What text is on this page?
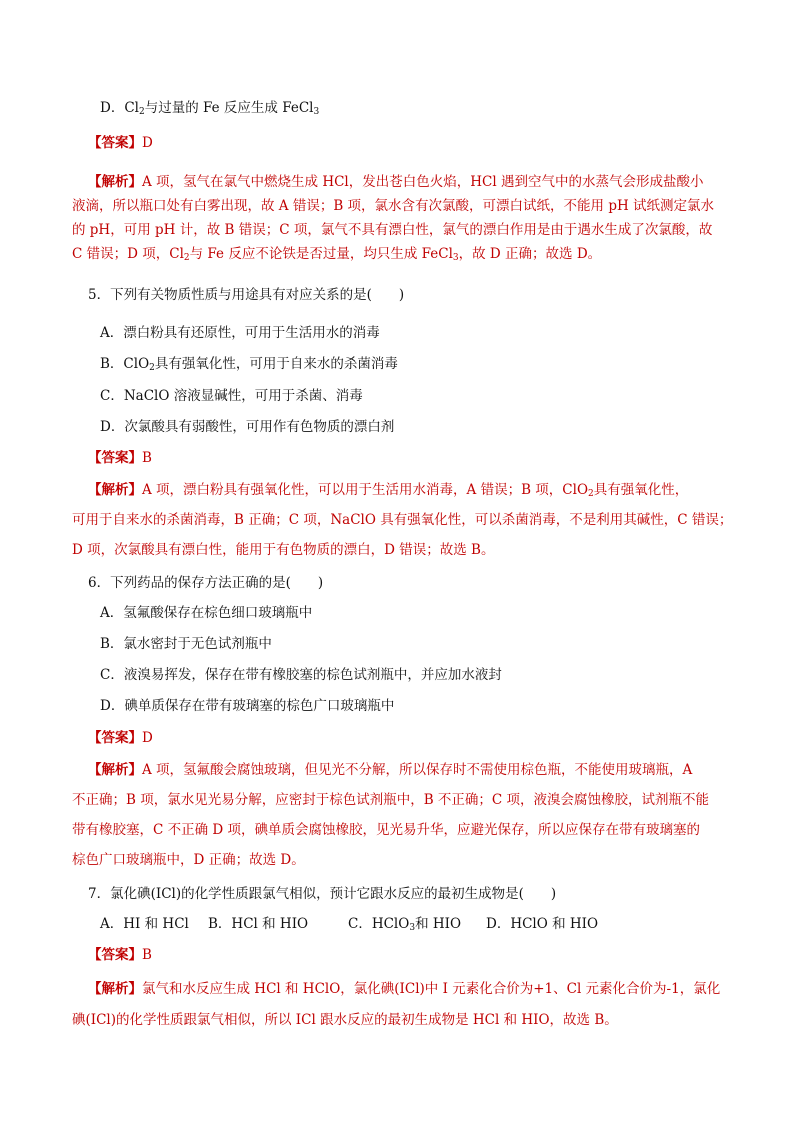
D．$Cl_2$与过量的 Fe 反应生成 FeCl$_3$
【答案】D
【解析】A 项，氢气在氯气中燃烧生成 HCl，发出苍白色火焰，HCl 遇到空气中的水蒸气会形成盐酸小
液滴，所以瓶口处有白雾出现，故 A 错误；B 项，氯水含有次氯酸，可漂白试纸，不能用 pH 试纸测定氯水
的 pH，可用 pH 计，故 B 错误；C 项，氯气不具有漂白性，氯气的漂白作用是由于遇水生成了次氯酸，故
C 错误；D 项，$Cl_2$与 Fe 反应不论铁是否过量，均只生成 FeCl$_3$，故 D 正确；故选 D。
5．下列有关物质性质与用途具有对应关系的是(　　)
A．漂白粉具有还原性，可用于生活用水的消毒
B．ClO$_2$具有强氧化性，可用于自来水的杀菌消毒
C．NaClO 溶液显碱性，可用于杀菌、消毒
D．次氯酸具有弱酸性，可用作有色物质的漂白剂
【答案】B
【解析】A 项，漂白粉具有强氧化性，可以用于生活用水消毒，A 错误；B 项，ClO$_2$具有强氧化性，
可用于自来水的杀菌消毒，B 正确；C 项，NaClO 具有强氧化性，可以杀菌消毒，不是利用其碱性，C 错误；
D 项，次氯酸具有漂白性，能用于有色物质的漂白，D 错误；故选 B。
6．下列药品的保存方法正确的是(　　)
A．氢氟酸保存在棕色细口玻璃瓶中
B．氯水密封于无色试剂瓶中
C．液溴易挥发，保存在带有橡胶塞的棕色试剂瓶中，并应加水液封
D．碘单质保存在带有玻璃塞的棕色广口玻璃瓶中
【答案】D
【解析】A 项，氢氟酸会腐蚀玻璃，但见光不分解，所以保存时不需使用棕色瓶，不能使用玻璃瓶，A
不正确；B 项，氯水见光易分解，应密封于棕色试剂瓶中，B 不正确；C 项，液溴会腐蚀橡胶，试剂瓶不能
带有橡胶塞，C 不正确 D 项，碘单质会腐蚀橡胶，见光易升华，应避光保存，所以应保存在带有玻璃塞的
棕色广口玻璃瓶中，D 正确；故选 D。
7．氯化碘(ICl)的化学性质跟氯气相似，预计它跟水反应的最初生成物是(　　)
A．HI 和 HCl B．HCl 和 HIO	C．HClO$_3$和 HIO D．HClO 和 HIO
【答案】B
【解析】氯气和水反应生成 HCl 和 HClO，氯化碘(ICl)中 I 元素化合价为+1、Cl 元素化合价为-1，氯化
碘(ICl)的化学性质跟氯气相似，所以 ICl 跟水反应的最初生成物是 HCl 和 HIO，故选 B。
